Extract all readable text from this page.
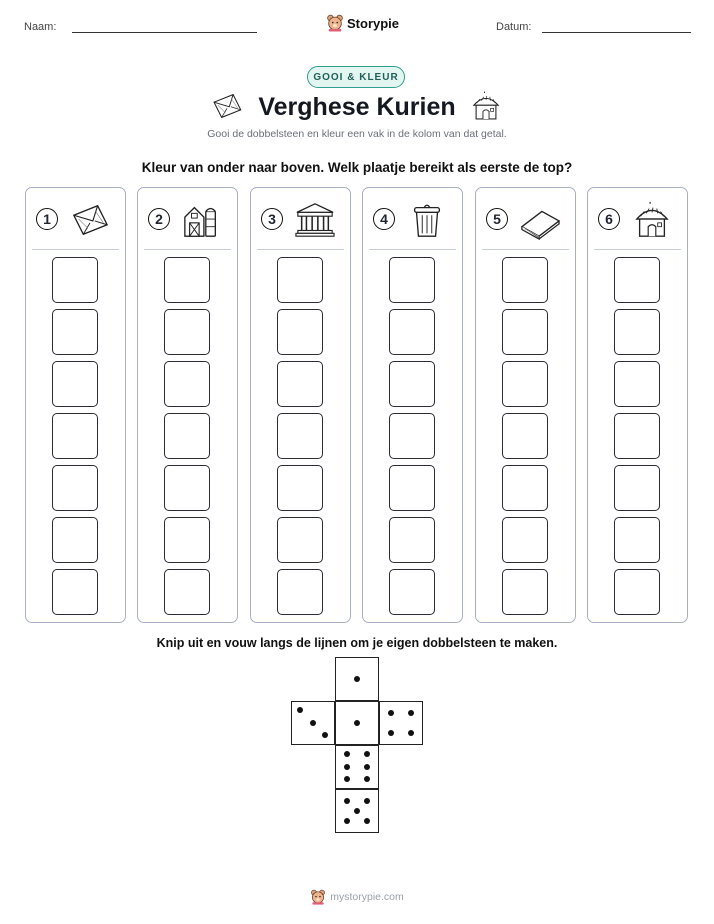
Naam:	Storypie	Datum:
GOOI & KLEUR
Verghese Kurien
Gooi de dobbelsteen en kleur een vak in de kolom van dat getal.
Kleur van onder naar boven. Welk plaatje bereikt als eerste de top?
1	2	3	4	5	6
Knip uit en vouw langs de lijnen om je eigen dobbelsteen te maken.
mystorypie.com
